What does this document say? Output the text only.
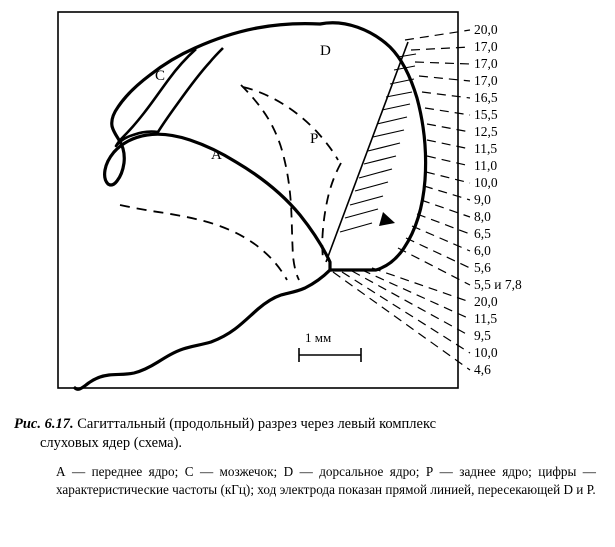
C
D
A
P
1 мм
20,0
17,0
17,0
17,0
16,5
15,5
12,5
11,5
11,0
10,0
9,0
8,0
6,5
6,0
5,6
5,5 и 7,8
20,0
11,5
9,5
10,0
4,6

Рис. 6.17. Сагиттальный (продольный) разрез через левый комплекс
слуховых ядер (схема).

А — переднее ядро; С — мозжечок; D — дорсальное ядро; Р — заднее ядро; цифры — характеристические частоты (кГц); ход электрода показан прямой линией, пересекающей D и Р.
